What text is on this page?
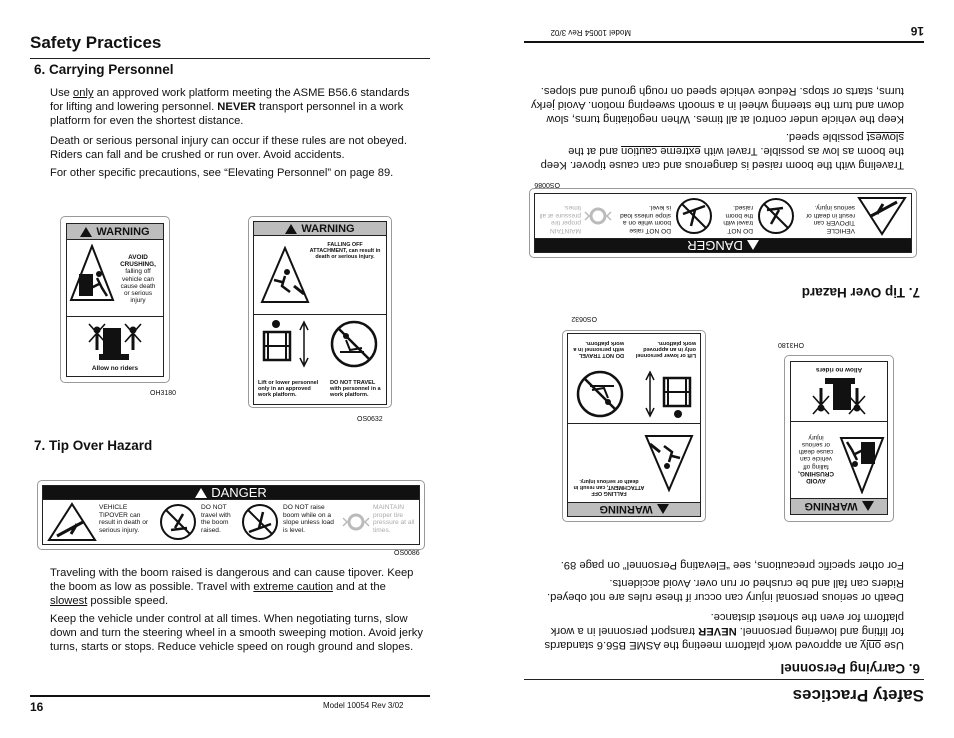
Safety Practices
6. Carrying Personnel
Use only an approved work platform meeting the ASME B56.6 standards for lifting and lowering personnel. NEVER transport personnel in a work platform for even the shortest distance.
Death or serious personal injury can occur if these rules are not obeyed. Riders can fall and be crushed or run over. Avoid accidents.
For other specific precautions, see “Elevating Personnel” on page 89.
WARNING
AVOID
CRUSHING,
falling off
vehicle can
cause death
or serious
injury
Allow no riders
OH3180
WARNING
FALLING OFF ATTACHMENT, can result in death or serious injury.
Lift or lower personnel only in an approved work platform.
DO NOT TRAVEL with personnel in a work platform.
OS0632
7. Tip Over Hazard
DANGER
VEHICLE TIPOVER can result in death or serious injury.
DO NOT travel with the boom raised.
DO NOT raise boom while on a slope unless load is level.
MAINTAIN proper tire pressure at all times.
OS0086
Traveling with the boom raised is dangerous and can cause tipover. Keep the boom as low as possible. Travel with extreme caution and at the slowest possible speed.
Keep the vehicle under control at all times. When negotiating turns, slow down and turn the steering wheel in a smooth sweeping motion. Avoid jerky turns, starts or stops. Reduce vehicle speed on rough ground and slopes.
16	Model 10054 Rev 3/02
Safety Practices
6. Carrying Personnel
Use only an approved work platform meeting the ASME B56.6 standards for lifting and lowering personnel. NEVER transport personnel in a work platform for even the shortest distance.
Death or serious personal injury can occur if these rules are not obeyed. Riders can fall and be crushed or run over. Avoid accidents.
For other specific precautions, see “Elevating Personnel” on page 89.
WARNING
AVOID
CRUSHING,
falling off
vehicle can
cause death
or serious
injury
Allow no riders
OH3180
WARNING
FALLING OFF ATTACHMENT, can result in death or serious injury.
Lift or lower personnel only in an approved work platform.
DO NOT TRAVEL with personnel in a work platform.
OS0632
7. Tip Over Hazard
DANGER
VEHICLE TIPOVER can result in death or serious injury.
DO NOT travel with the boom raised.
DO NOT raise boom while on a slope unless load is level.
MAINTAIN proper tire pressure at all times.
OS0086
Traveling with the boom raised is dangerous and can cause tipover. Keep the boom as low as possible. Travel with extreme caution and at the slowest possible speed.
Keep the vehicle under control at all times. When negotiating turns, slow down and turn the steering wheel in a smooth sweeping motion. Avoid jerky turns, starts or stops. Reduce vehicle speed on rough ground and slopes.
16
Model 10054 Rev 3/02
